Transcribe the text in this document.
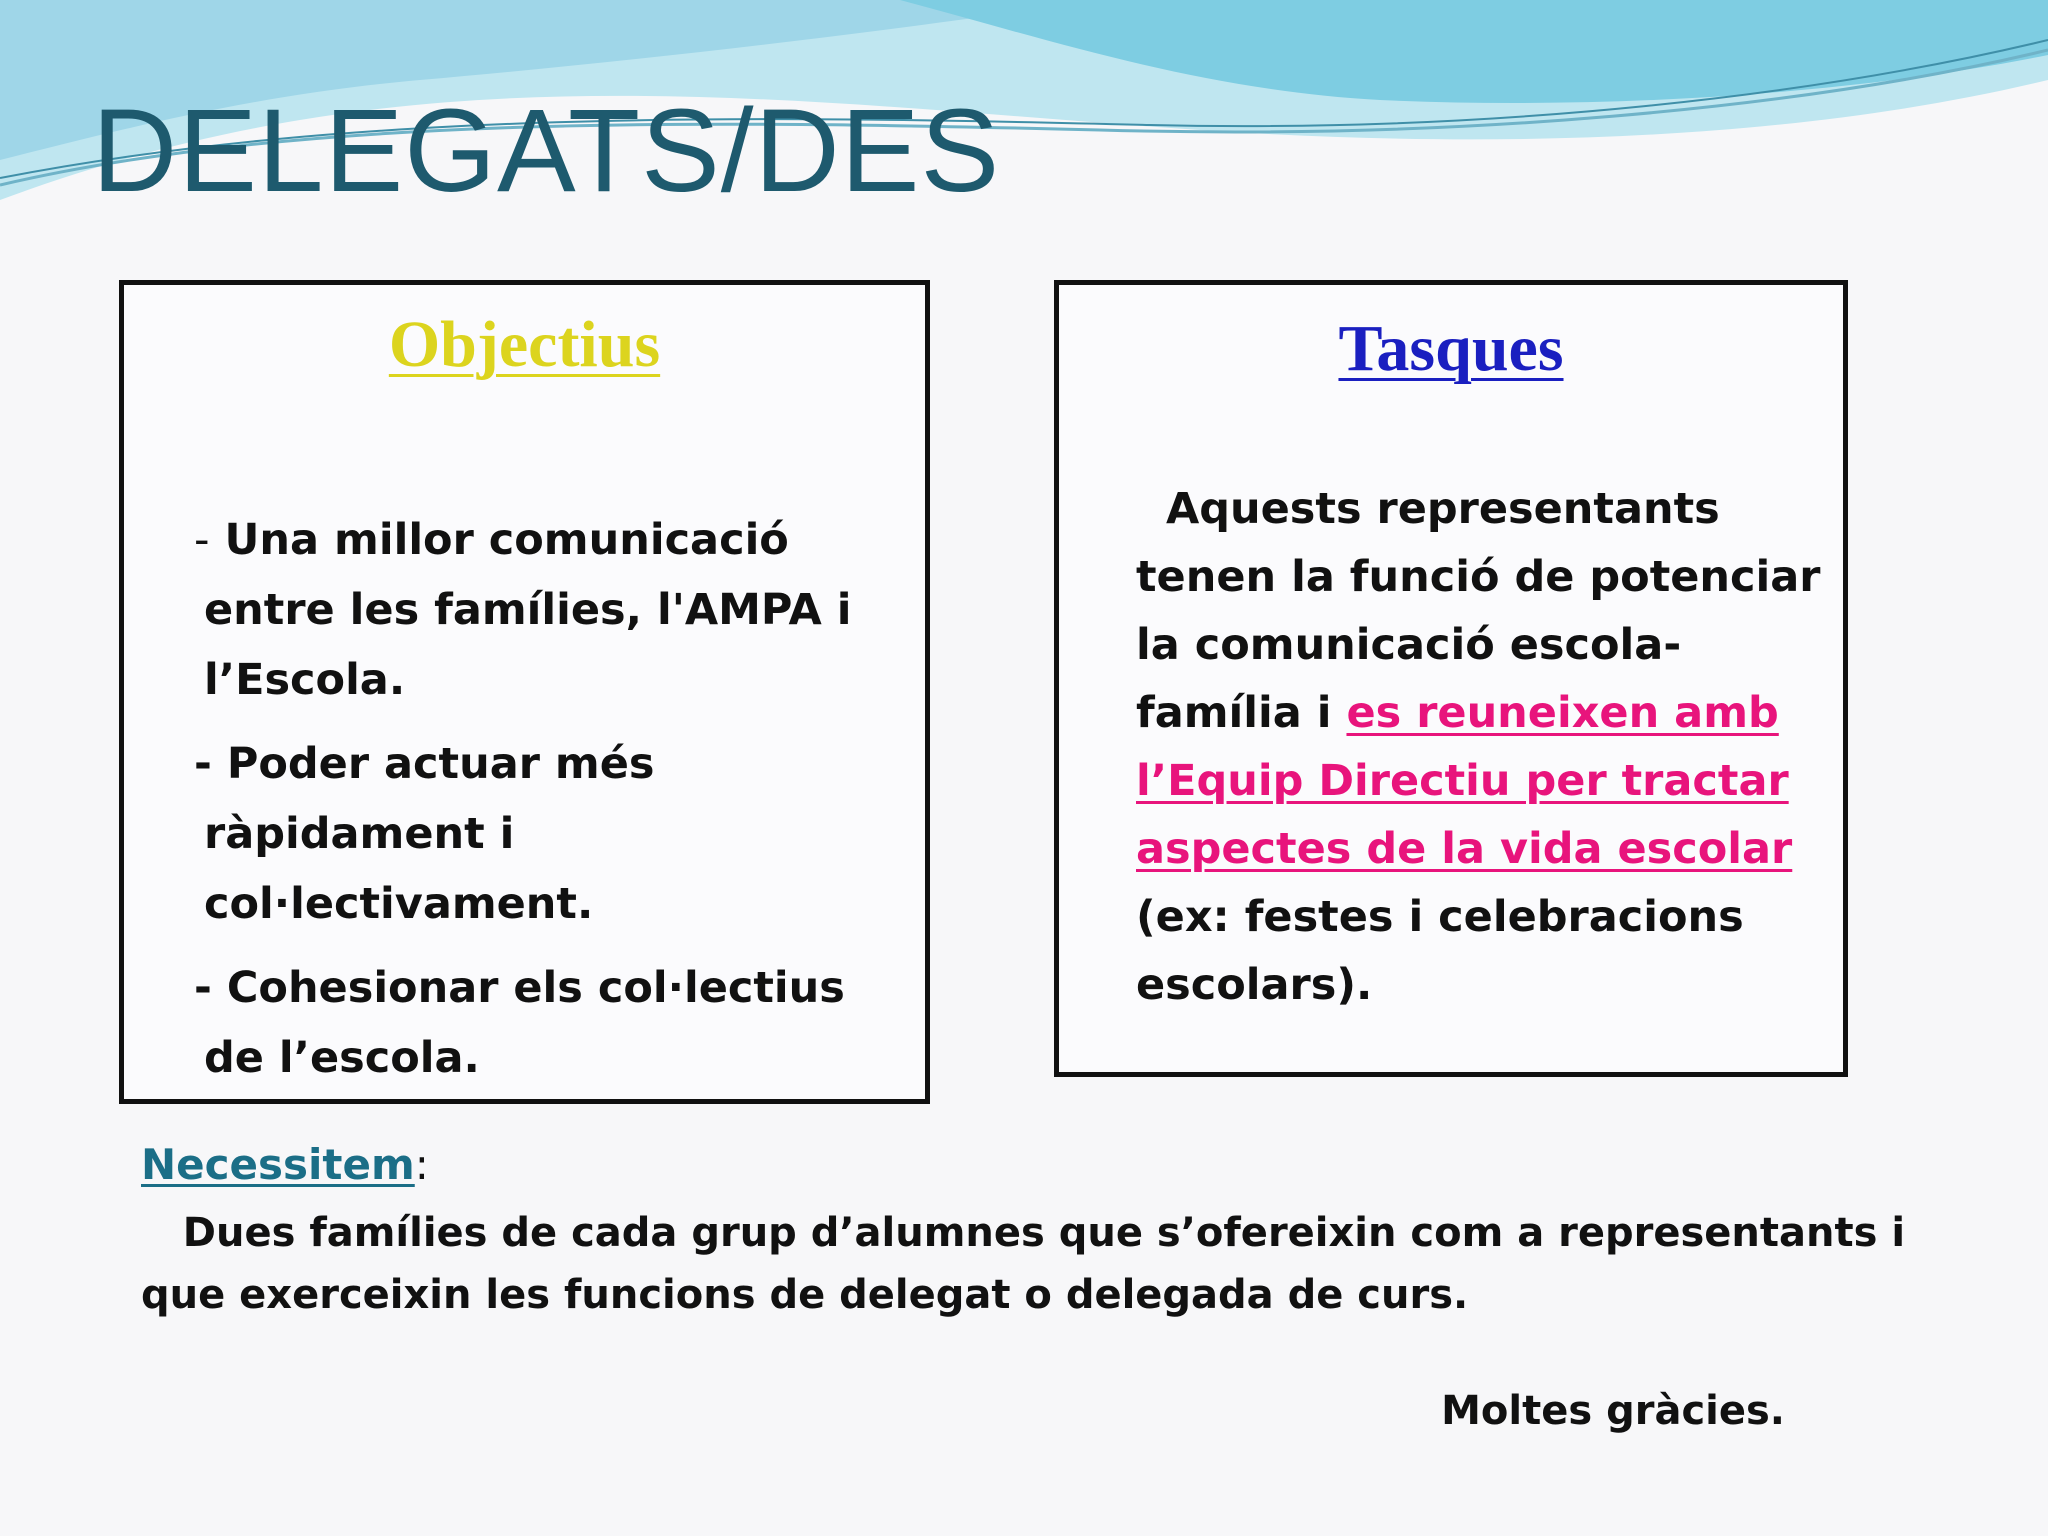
DELEGATS/DES
Objectius
- Una millor comunicació entre les famílies, l'AMPA i l’Escola.
- Poder actuar més ràpidament i col·lectivament.
- Cohesionar els col·lectius de l’escola.
Tasques
Aquests representants tenen la funció de potenciar la comunicació escola-família i es reuneixen amb l’Equip Directiu per tractar aspectes de la vida escolar (ex: festes i celebracions escolars).
Necessitem:
Dues famílies de cada grup d’alumnes que s’ofereixin com a representants i que exerceixin les funcions de delegat o delegada de curs.
Moltes gràcies.
